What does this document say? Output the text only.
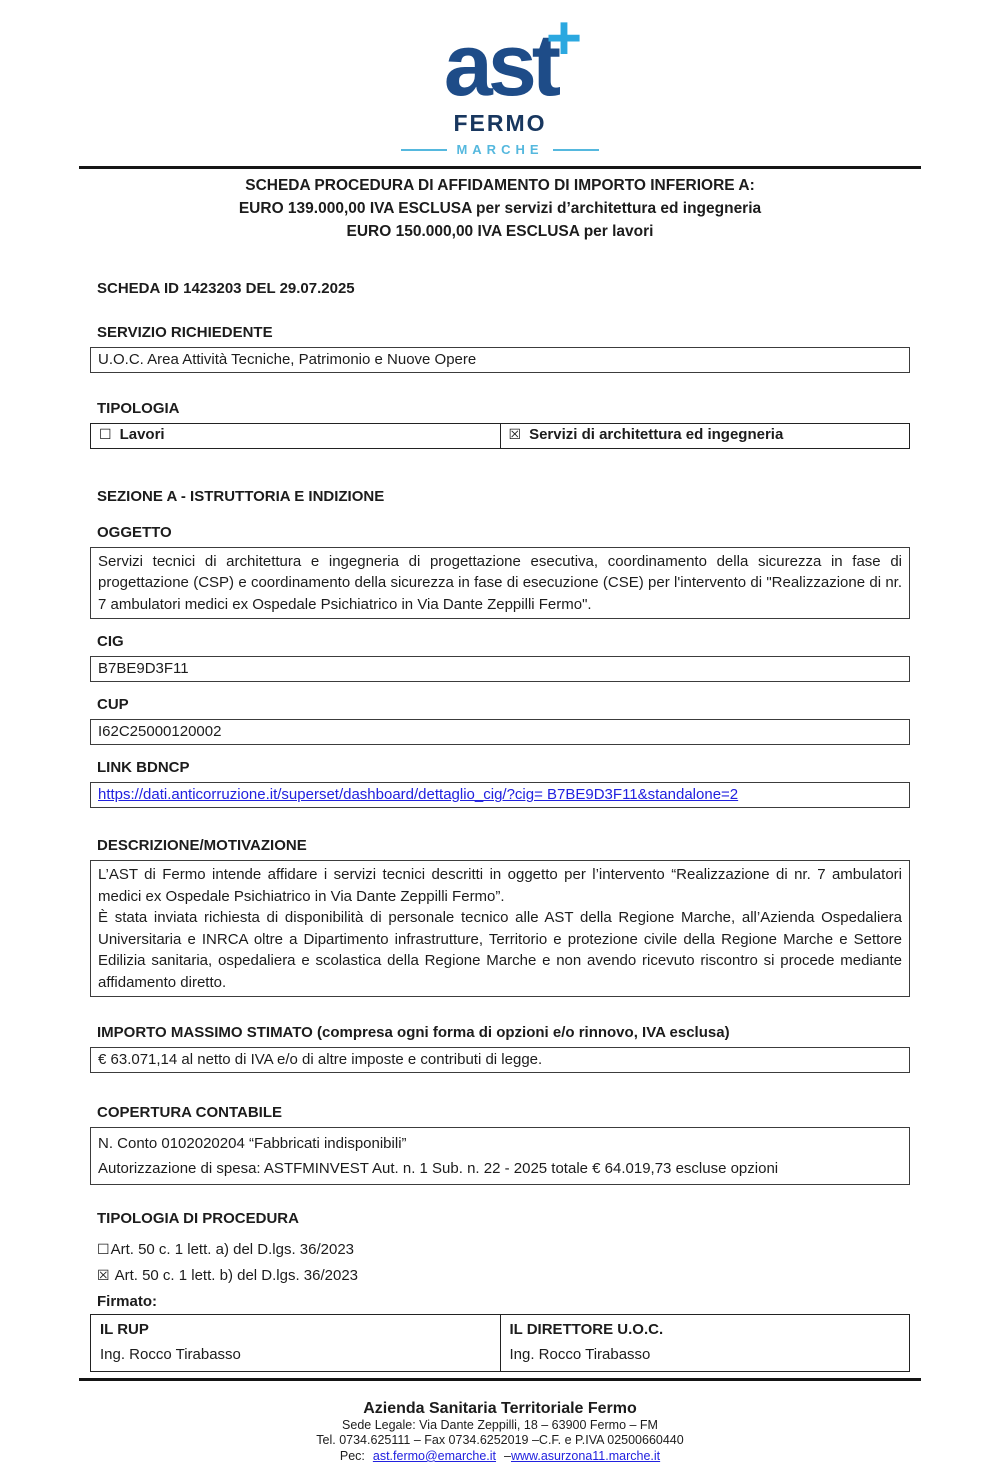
ast
+
FERMO
MARCHE
SCHEDA PROCEDURA DI AFFIDAMENTO DI IMPORTO INFERIORE A:
EURO 139.000,00 IVA ESCLUSA per servizi d’architettura ed ingegneria
EURO 150.000,00 IVA ESCLUSA per lavori
SCHEDA ID 1423203 DEL 29.07.2025
SERVIZIO RICHIEDENTE
U.O.C. Area Attività Tecniche, Patrimonio e Nuove Opere
TIPOLOGIA
☐ Lavori	☒ Servizi di architettura ed ingegneria
SEZIONE A - ISTRUTTORIA E INDIZIONE
OGGETTO
Servizi tecnici di architettura e ingegneria di progettazione esecutiva, coordinamento della sicurezza in fase di progettazione (CSP) e coordinamento della sicurezza in fase di esecuzione (CSE) per l'intervento di "Realizzazione di nr. 7 ambulatori medici ex Ospedale Psichiatrico in Via Dante Zeppilli Fermo".
CIG
B7BE9D3F11
CUP
I62C25000120002
LINK BDNCP
https://dati.anticorruzione.it/superset/dashboard/dettaglio_cig/?cig= B7BE9D3F11&standalone=2
DESCRIZIONE/MOTIVAZIONE
L’AST di Fermo intende affidare i servizi tecnici descritti in oggetto per l’intervento “Realizzazione di nr. 7 ambulatori medici ex Ospedale Psichiatrico in Via Dante Zeppilli Fermo”.
È stata inviata richiesta di disponibilità di personale tecnico alle AST della Regione Marche, all’Azienda Ospedaliera Universitaria e INRCA oltre a Dipartimento infrastrutture, Territorio e protezione civile della Regione Marche e Settore Edilizia sanitaria, ospedaliera e scolastica della Regione Marche e non avendo ricevuto riscontro si procede mediante affidamento diretto.
IMPORTO MASSIMO STIMATO (compresa ogni forma di opzioni e/o rinnovo, IVA esclusa)
€ 63.071,14 al netto di IVA e/o di altre imposte e contributi di legge.
COPERTURA CONTABILE
N. Conto 0102020204 “Fabbricati indisponibili”
Autorizzazione di spesa: ASTFMINVEST Aut. n. 1 Sub. n. 22 - 2025 totale € 64.019,73 escluse opzioni
TIPOLOGIA DI PROCEDURA
☐Art. 50 c. 1 lett. a) del D.lgs. 36/2023
☒ Art. 50 c. 1 lett. b) del D.lgs. 36/2023
Firmato:
IL RUP
Ing. Rocco Tirabasso

IL DIRETTORE U.O.C.
Ing. Rocco Tirabasso
Azienda Sanitaria Territoriale Fermo
Sede Legale: Via Dante Zeppilli, 18 – 63900 Fermo – FM
Tel. 0734.625111 – Fax 0734.6252019 –C.F. e P.IVA 02500660440
Pec: ast.fermo@emarche.it –www.asurzona11.marche.it
